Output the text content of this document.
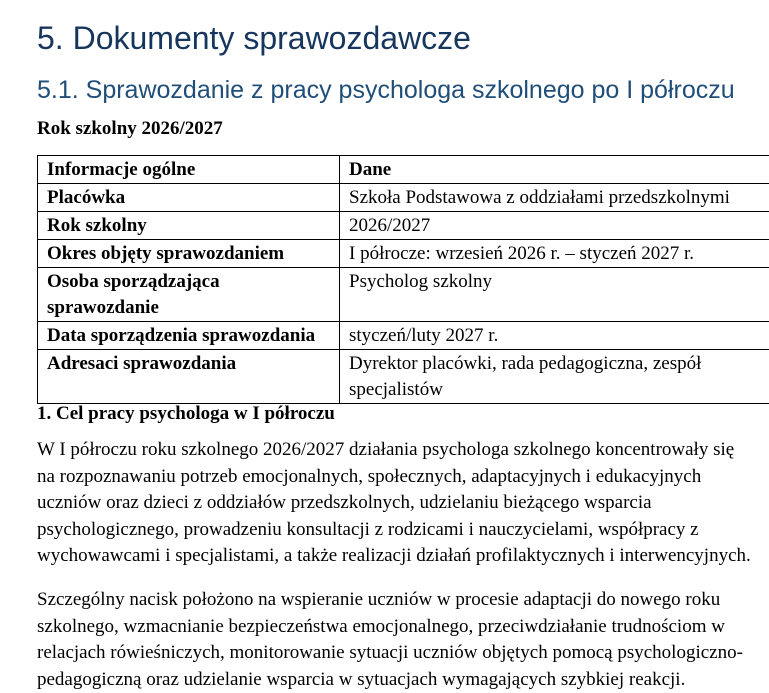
5. Dokumenty sprawozdawcze
5.1. Sprawozdanie z pracy psychologa szkolnego po I półroczu

Rok szkolny 2026/2027

Informacje ogólne	Dane
Placówka	Szkoła Podstawowa z oddziałami przedszkolnymi
Rok szkolny	2026/2027
Okres objęty sprawozdaniem	I półrocze: wrzesień 2026 r. – styczeń 2027 r.

Osoba sporządzająca
sprawozdanie	Psycholog szkolny
Data sporządzenia sprawozdania	styczeń/luty 2027 r.
Adresaci sprawozdania	Dyrektor placówki, rada pedagogiczna, zespół
specjalistów

1. Cel pracy psychologa w I półroczu

W I półroczu roku szkolnego 2026/2027 działania psychologa szkolnego koncentrowały się
na rozpoznawaniu potrzeb emocjonalnych, społecznych, adaptacyjnych i edukacyjnych
uczniów oraz dzieci z oddziałów przedszkolnych, udzielaniu bieżącego wsparcia
psychologicznego, prowadzeniu konsultacji z rodzicami i nauczycielami, współpracy z
wychowawcami i specjalistami, a także realizacji działań profilaktycznych i interwencyjnych.

Szczególny nacisk położono na wspieranie uczniów w procesie adaptacji do nowego roku
szkolnego, wzmacnianie bezpieczeństwa emocjonalnego, przeciwdziałanie trudnościom w
relacjach rówieśniczych, monitorowanie sytuacji uczniów objętych pomocą psychologiczno-
pedagogiczną oraz udzielanie wsparcia w sytuacjach wymagających szybkiej reakcji.
